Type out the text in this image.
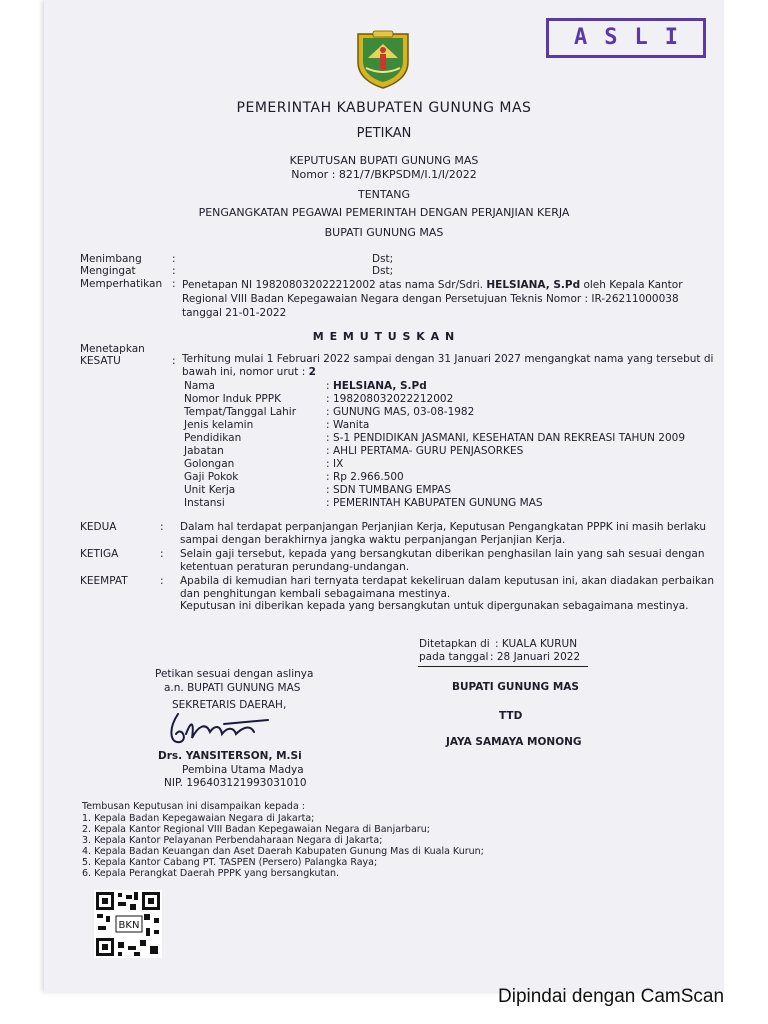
ASLI
PEMERINTAH KABUPATEN GUNUNG MAS
PETIKAN
KEPUTUSAN BUPATI GUNUNG MAS
Nomor : 821/7/BKPSDM/I.1/I/2022
TENTANG
PENGANGKATAN PEGAWAI PEMERINTAH DENGAN PERJANJIAN KERJA
BUPATI GUNUNG MAS
Menimbang	:	Dst;
Mengingat	:	Dst;
Memperhatikan : Penetapan NI 198208032022212002 atas nama Sdr/Sdri. HELSIANA, S.Pd oleh Kepala Kantor Regional VIII Badan Kepegawaian Negara dengan Persetujuan Teknis Nomor : IR-26211000038 tanggal 21-01-2022
M E M U T U S K A N
Menetapkan
KESATU	: Terhitung mulai 1 Februari 2022 sampai dengan 31 Januari 2027 mengangkat nama yang tersebut di
bawah ini, nomor urut : 2
Nama	: HELSIANA, S.Pd
Nomor Induk PPPK	: 198208032022212002
Tempat/Tanggal Lahir	: GUNUNG MAS, 03-08-1982
Jenis kelamin	: Wanita
Pendidikan	: S-1 PENDIDIKAN JASMANI, KESEHATAN DAN REKREASI TAHUN 2009
Jabatan	: AHLI PERTAMA- GURU PENJASORKES
Golongan	: IX
Gaji Pokok	: Rp 2.966.500
Unit Kerja	: SDN TUMBANG EMPAS
Instansi	: PEMERINTAH KABUPATEN GUNUNG MAS
KEDUA	: Dalam hal terdapat perpanjangan Perjanjian Kerja, Keputusan Pengangkatan PPPK ini masih berlaku
sampai dengan berakhirnya jangka waktu perpanjangan Perjanjian Kerja.
KETIGA	: Selain gaji tersebut, kepada yang bersangkutan diberikan penghasilan lain yang sah sesuai dengan
ketentuan peraturan perundang-undangan.
KEEMPAT	: Apabila di kemudian hari ternyata terdapat kekeliruan dalam keputusan ini, akan diadakan perbaikan
dan penghitungan kembali sebagaimana mestinya.
Keputusan ini diberikan kepada yang bersangkutan untuk dipergunakan sebagaimana mestinya.
Ditetapkan di : KUALA KURUN
pada tanggal : 28 Januari 2022
BUPATI GUNUNG MAS
TTD
JAYA SAMAYA MONONG
Petikan sesuai dengan aslinya
a.n. BUPATI GUNUNG MAS
SEKRETARIS DAERAH,
Drs. YANSITERSON, M.Si
Pembina Utama Madya
NIP. 196403121993031010
Tembusan Keputusan ini disampaikan kepada :
1. Kepala Badan Kepegawaian Negara di Jakarta;
2. Kepala Kantor Regional VIII Badan Kepegawaian Negara di Banjarbaru;
3. Kepala Kantor Pelayanan Perbendaharaan Negara di Jakarta;
4. Kepala Badan Keuangan dan Aset Daerah Kabupaten Gunung Mas di Kuala Kurun;
5. Kepala Kantor Cabang PT. TASPEN (Persero) Palangka Raya;
6. Kepala Perangkat Daerah PPPK yang bersangkutan.
BKN
Dipindai dengan CamScan
